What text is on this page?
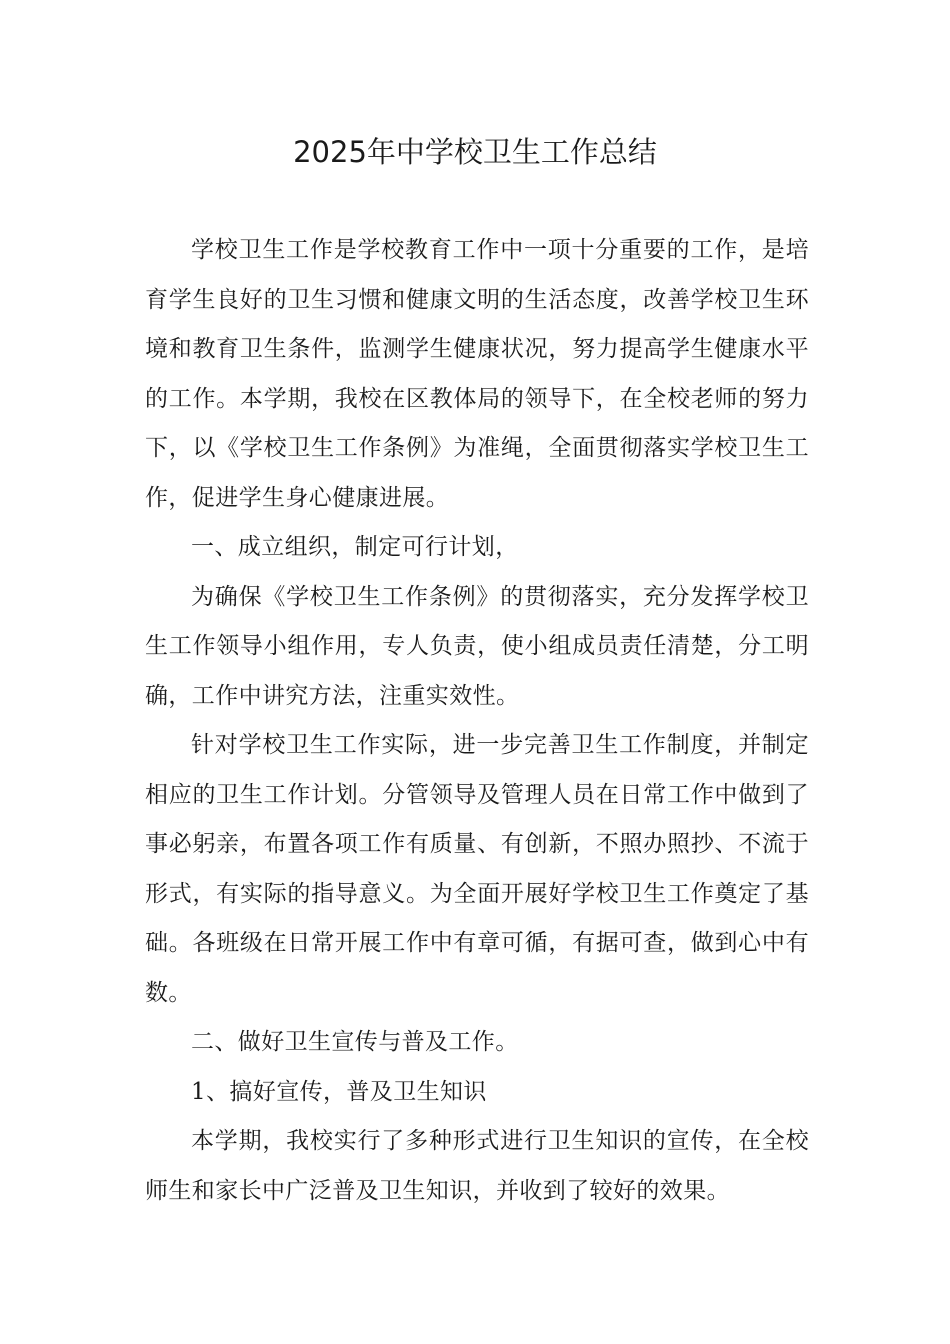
2025年中学校卫生工作总结

学校卫生工作是学校教育工作中一项十分重要的工作，是培育学生良好的卫生习惯和健康文明的生活态度，改善学校卫生环境和教育卫生条件，监测学生健康状况，努力提高学生健康水平的工作。本学期，我校在区教体局的领导下，在全校老师的努力下，以《学校卫生工作条例》为准绳，全面贯彻落实学校卫生工作，促进学生身心健康进展。

一、成立组织，制定可行计划，

为确保《学校卫生工作条例》的贯彻落实，充分发挥学校卫生工作领导小组作用，专人负责，使小组成员责任清楚，分工明确，工作中讲究方法，注重实效性。

针对学校卫生工作实际，进一步完善卫生工作制度，并制定相应的卫生工作计划。分管领导及管理人员在日常工作中做到了事必躬亲，布置各项工作有质量、有创新，不照办照抄、不流于形式，有实际的指导意义。为全面开展好学校卫生工作奠定了基础。各班级在日常开展工作中有章可循，有据可查，做到心中有数。

二、做好卫生宣传与普及工作。

1、搞好宣传，普及卫生知识

本学期，我校实行了多种形式进行卫生知识的宣传，在全校师生和家长中广泛普及卫生知识，并收到了较好的效果。
